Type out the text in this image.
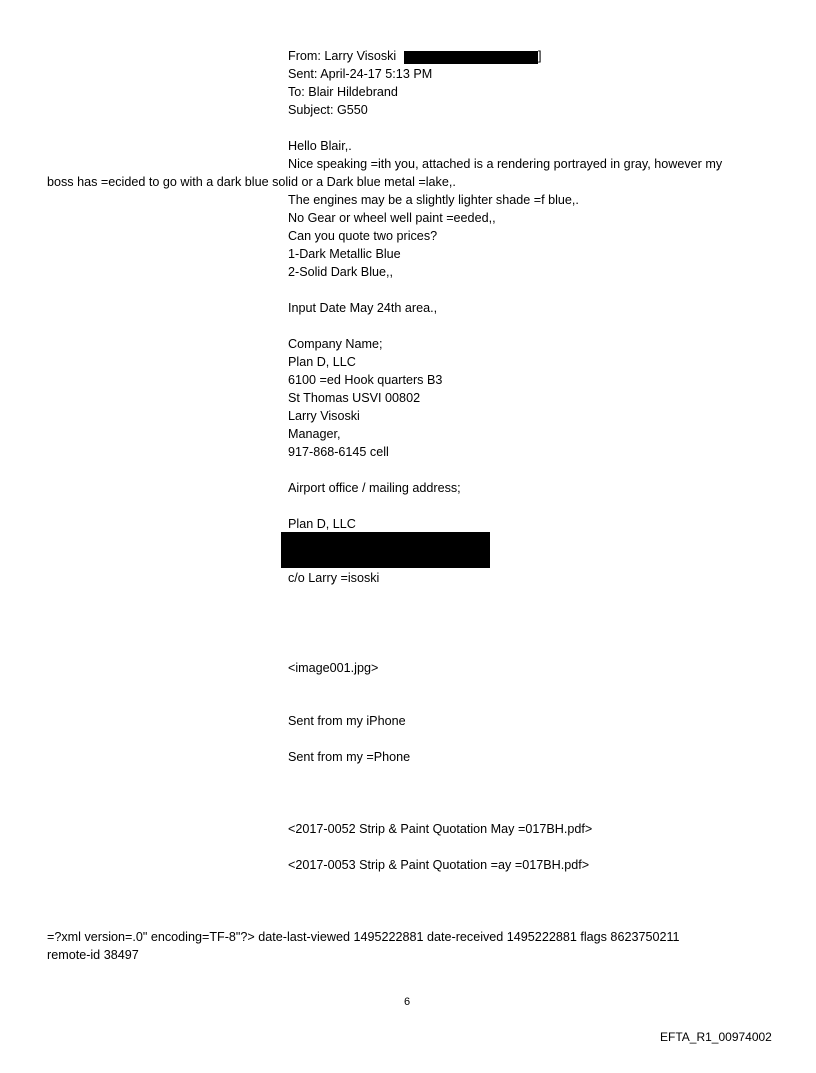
From: Larry Visoski	]
Sent: April-24-17 5:13 PM
To: Blair Hildebrand
Subject: G550
Hello Blair,.
Nice speaking =ith you, attached is a rendering portrayed in gray, however my
boss has =ecided to go with a dark blue solid or a Dark blue metal =lake,.
The engines may be a slightly lighter shade =f blue,.
No Gear or wheel well paint =eeded,,
Can you quote two prices?
1-Dark Metallic Blue
2-Solid Dark Blue,,
Input Date May 24th area.,
Company Name;
Plan D, LLC
6100 =ed Hook quarters B3
St Thomas USVI 00802
Larry Visoski
Manager,
917-868-6145 cell
Airport office / mailing address;
Plan D, LLC
c/o Larry =isoski
<image001.jpg>
Sent from my iPhone
Sent from my =Phone
<2017-0052 Strip & Paint Quotation May =017BH.pdf>
<2017-0053 Strip & Paint Quotation =ay =017BH.pdf>
=?xml version=.0" encoding=TF-8"?> date-last-viewed 1495222881 date-received 1495222881 flags 8623750211
remote-id 38497
6
EFTA_R1_00974002
